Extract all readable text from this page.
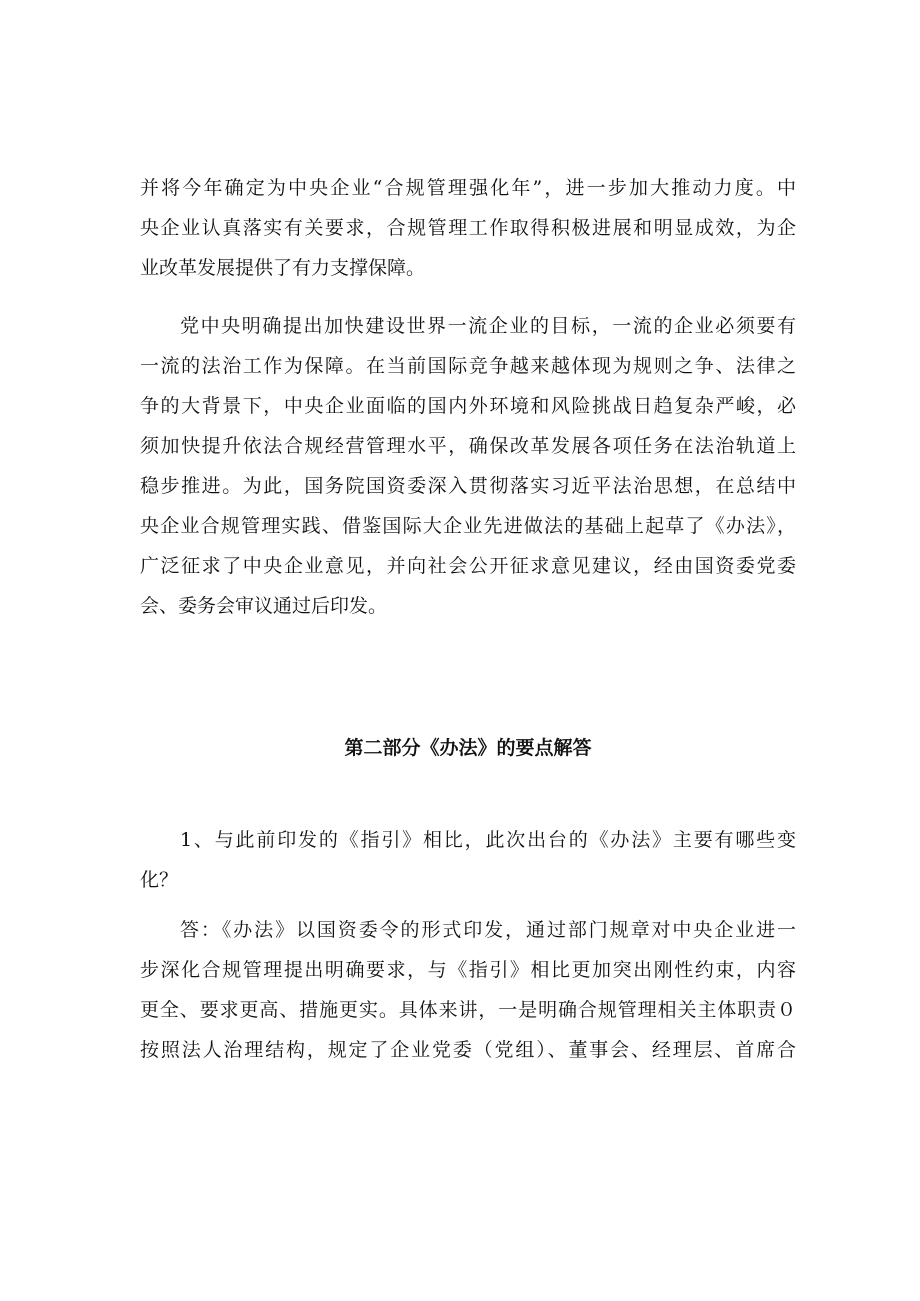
并将今年确定为中央企业“合规管理强化年”，进一步加大推动力度。中
央企业认真落实有关要求，合规管理工作取得积极进展和明显成效，为企
业改革发展提供了有力支撑保障。
党中央明确提出加快建设世界一流企业的目标，一流的企业必须要有
一流的法治工作为保障。在当前国际竞争越来越体现为规则之争、法律之
争的大背景下，中央企业面临的国内外环境和风险挑战日趋复杂严峻，必
须加快提升依法合规经营管理水平，确保改革发展各项任务在法治轨道上
稳步推进。为此，国务院国资委深入贯彻落实习近平法治思想，在总结中
央企业合规管理实践、借鉴国际大企业先进做法的基础上起草了《办法》，
广泛征求了中央企业意见，并向社会公开征求意见建议，经由国资委党委
会、委务会审议通过后印发。
第二部分《办法》的要点解答
1、与此前印发的《指引》相比，此次出台的《办法》主要有哪些变
化？
答：《办法》以国资委令的形式印发，通过部门规章对中央企业进一
步深化合规管理提出明确要求，与《指引》相比更加突出刚性约束，内容
更全、要求更高、措施更实。具体来讲，一是明确合规管理相关主体职责０
按照法人治理结构，规定了企业党委（党组）、董事会、经理层、首席合
